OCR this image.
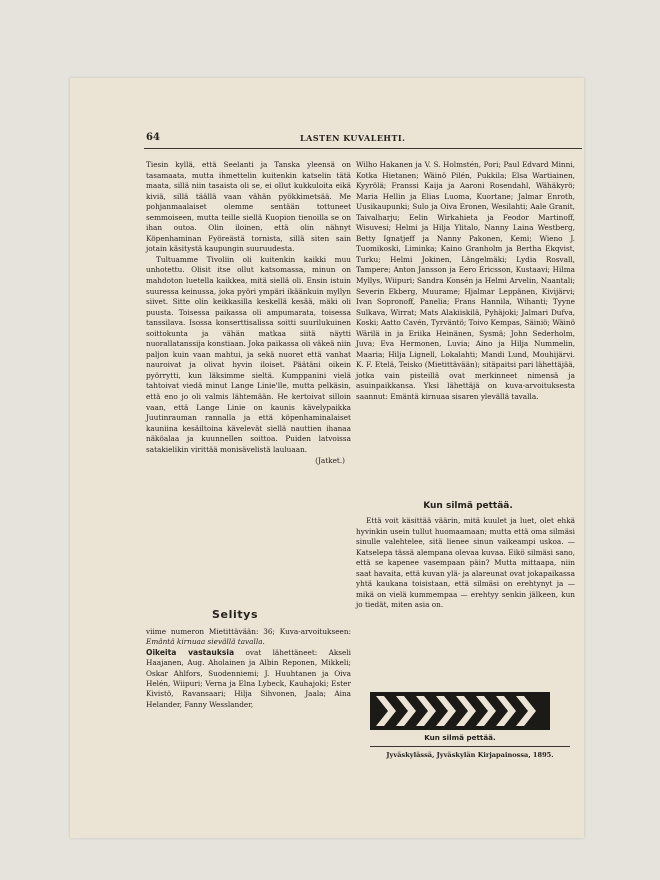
64	LASTEN KUVALEHTI.

Tiesin kyllä, että Seelanti ja Tanska yleensä on tasamaata, mutta ihmettelin kuitenkin katselin tätä maata, sillä niin tasaista oli se, ei ollut kukkuloita eikä kiviä, sillä täällä vaan vähän pyökkimetsää. Me pohjanmaalaiset olemme sentään tottuneet semmoiseen, mutta teille siellä Kuopion tienoilla se on ihan outoa. Olin iloinen, että olin nähnyt Köpenhaminan Fyöreästä tornista, sillä siten sain jotain käsitystä kaupungin suuruudesta.

Tultuamme Tivoliin oli kuitenkin kaikki muu unhotettu. Olisit itse ollut katsomassa, minun on mahdoton luetella kaikkea, mitä siellä oli. Ensin istuin suuressa keinussa, joka pyöri ympäri ikäänkuin myllyn siivet. Sitte olin keikkasilla keskellä kesää, mäki oli puusta. Toisessa paikassa oli ampumarata, toisessa tanssilava. Isossa konserttisalissa soitti suurilukuinen soittokunta ja vähän matkaa siitä näytti nuorallatanssija konstiaan. Joka paikassa oli väkeä niin paljon kuin vaan mahtui, ja sekä nuoret että vanhat nauroivat ja olivat hyvin iloiset. Päätäni oikein pyörrytti, kun läksimme sieltä. Kumppanini vielä tahtoivat viedä minut Lange Linie'lle, mutta pelkäsin, että eno jo oli valmis lähtemään. He kertoivat silloin vaan, että Lange Linie on kaunis kävelypaikka Juutinrauman rannalla ja että köpenhaminalaiset kauniina kesäiltoina kävelevät siellä nauttien ihanaa näköalaa ja kuunnellen soittoa. Puiden latvoissa satakielikin virittää monisävelistä lauluaan.

(Jatket.)
Selitys

viime numeron Mietittävään: 36; Kuva-arvoitukseen: Emäntä kirnuaa sievällä tavalla.

Oikeita vastauksia ovat lähettäneet: Akseli Haajanen, Aug. Aholainen ja Albin Reponen, Mikkeli; Oskar Ahlfors, Suodenniemi; J. Huuhtanen ja Oiva Helén, Wiipuri; Verna ja Elna Lybeck, Kauhajoki; Ester Kivistö, Ravansaari; Hilja Sihvonen, Jaala; Aina Helander, Fanny Wesslander,

Wilho Hakanen ja V. S. Holmstén, Pori; Paul Edvard Minni, Kotka Hietanen; Wäinö Pilén, Pukkila; Elsa Wartiainen, Kyyrölä; Franssi Kaija ja Aaroni Rosendahl, Wähäkyrö; Maria Hellin ja Elias Luoma, Kuortane; Jalmar Enroth, Uusikaupunki; Sulo ja Oiva Eronen, Wesilahti; Aale Granit, Taivalharju; Eelin Wirkahieta ja Feodor Martinoff, Wisuvesi; Helmi ja Hilja Ylitalo, Nanny Laina Westberg, Betty Ignatjeff ja Nanny Pakonen, Kemi; Wieno J. Tuomikoski, Liminka; Kaino Granholm ja Bertha Ekqvist, Turku; Helmi Jokinen, Längelmäki; Lydia Rosvall, Tampere; Anton Jansson ja Eero Ericsson, Kustaavi; Hilma Myllys, Wiipuri; Sandra Konsén ja Helmi Arvelin, Naantali; Severin Ekberg, Muurame; Hjalmar Leppänen, Kivijärvi; Ivan Sopronoff, Panelia; Frans Hannila, Wihanti; Tyyne Sulkava, Wirrat; Mats Alakiiskilä, Pyhäjoki; Jalmari Dufva, Koski; Aatto Cavén, Tyrväntö; Toivo Kempas, Säiniö; Wäinö Wärilä in ja Eriika Heinänen, Sysmä; John Sederholm, Juva; Eva Hermonen, Luvia; Aino ja Hilja Nummelin, Maaria; Hilja Lignell, Lokalahti; Mandi Lund, Mouhijärvi. K. F. Etelä, Teisko (Mietittävään); sitäpaitsi pari lähettäjää, jotka vain pisteillä ovat merkinneet nimensä ja asuinpaikkansa. Yksi lähettäjä on kuva-arvoituksesta saannut: Emäntä kirnuaa sisaren ylevällä tavalla.

Kun silmä pettää.

Että voit käsittää väärin, mitä kuulet ja luet, olet ehkä hyvinkin usein tullut huomaamaan; mutta että oma silmäsi sinulle valehtelee, sitä lienee sinun vaikeampi uskoa. — Katselepa tässä alempana olevaa kuvaa. Eikö silmäsi sano, että se kapenee vasempaan päin? Mutta mittaapa, niin saat havaita, että kuvan ylä- ja alareunat ovat jokapaikassa yhtä kaukana toisistaan, että silmäsi on erehtynyt ja — mikä on vielä kummempaa — erehtyy senkin jälkeen, kun jo tiedät, miten asia on.

Kun silmä pettää.
Jyväskylässä, Jyväskylän Kirjapainossa, 1895.
